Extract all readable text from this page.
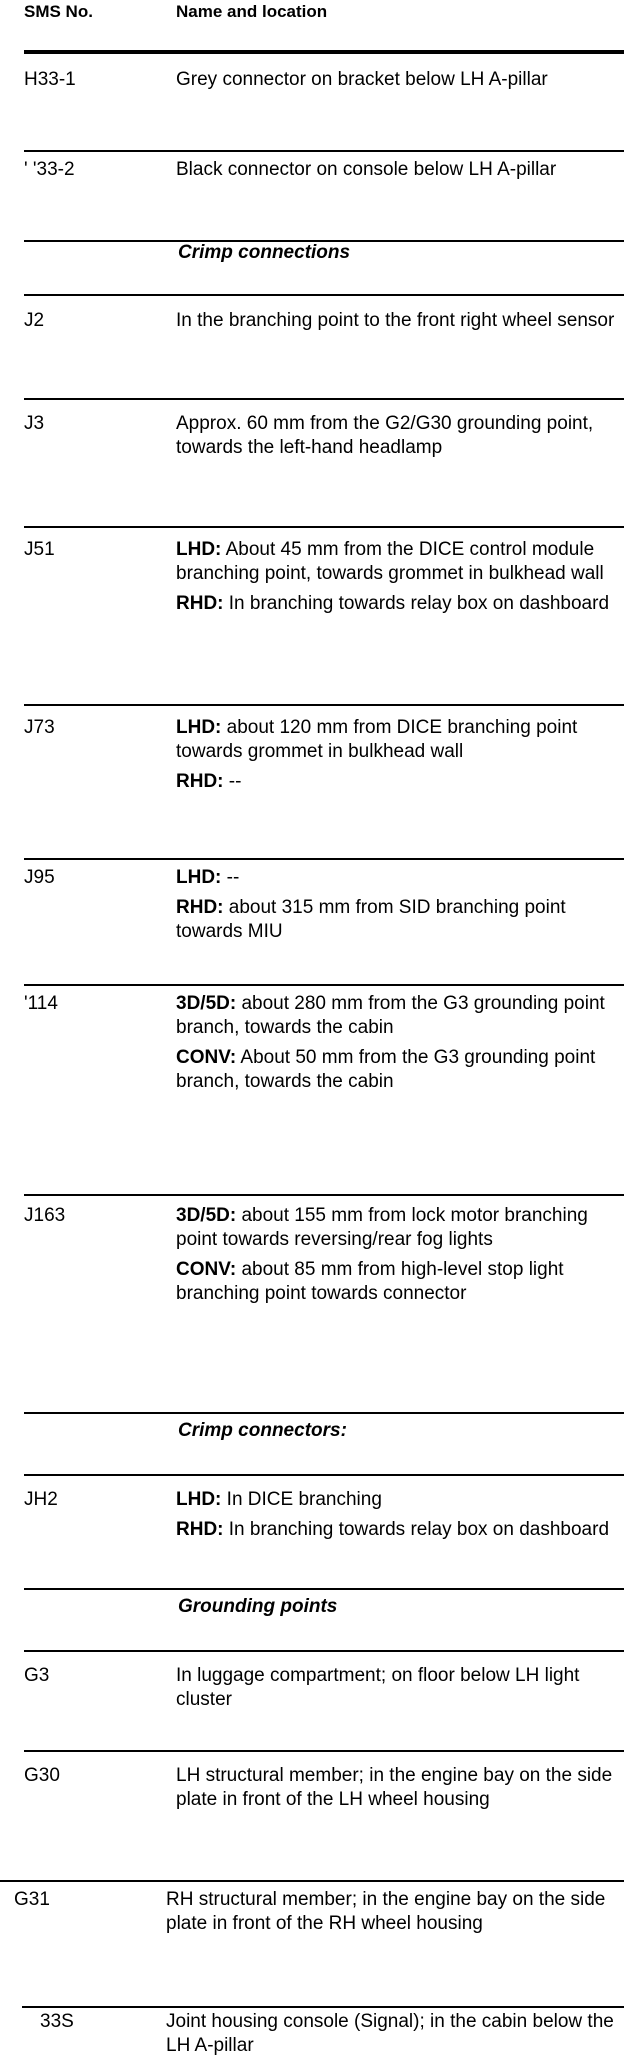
SMS No.	Name and location
H33-1	Grey connector on bracket below LH A-pillar

' '33-2	Black connector on console below LH A-pillar

Crimp connections
J2	In the branching point to the front right wheel sensor

J3	Approx. 60 mm from the G2/G30 grounding point, towards the left-hand headlamp

J51	LHD: About 45 mm from the DICE control module branching point, towards grommet in bulkhead wall

RHD: In branching towards relay box on dashboard

J73	LHD: about 120 mm from DICE branching point towards grommet in bulkhead wall

RHD: --

J95	LHD: --

RHD: about 315 mm from SID branching point towards MIU

'114	3D/5D: about 280 mm from the G3 grounding point branch, towards the cabin

CONV: About 50 mm from the G3 grounding point branch, towards the cabin

J163	3D/5D: about 155 mm from lock motor branching point towards reversing/rear fog lights

CONV: about 85 mm from high-level stop light branching point towards connector

Crimp connectors:
JH2	LHD: In DICE branching

RHD: In branching towards relay box on dashboard

Grounding points
G3	In luggage compartment; on floor below LH light cluster

G30	LH structural member; in the engine bay on the side plate in front of the LH wheel housing

G31	RH structural member; in the engine bay on the side plate in front of the RH wheel housing

33S	Joint housing console (Signal); in the cabin below the LH A-pillar
